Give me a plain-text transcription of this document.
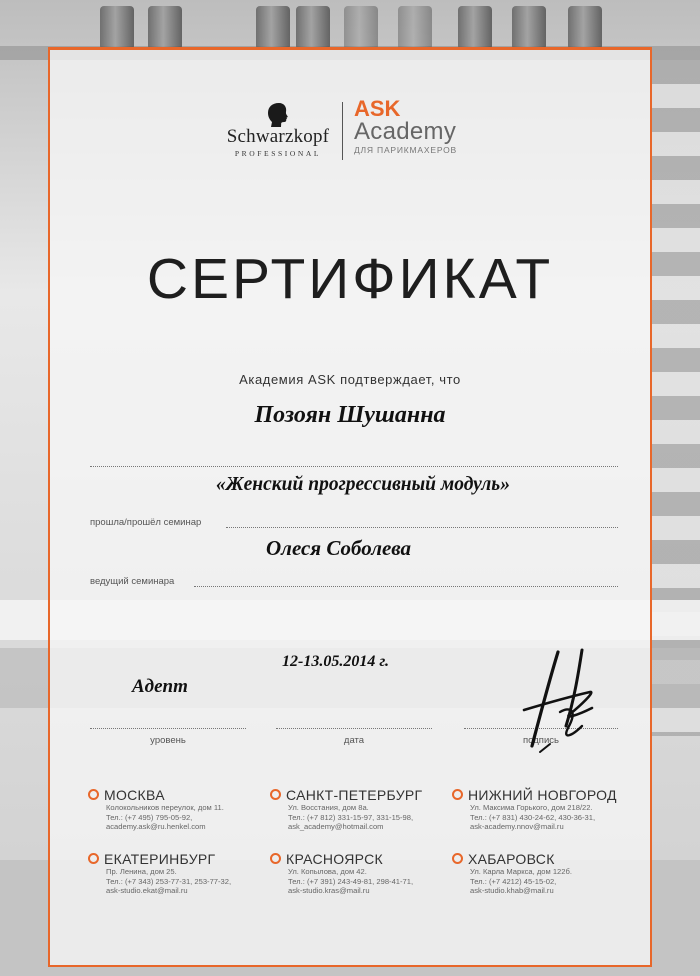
Schwarzkopf
PROFESSIONAL
ASK
Academy
ДЛЯ ПАРИКМАХЕРОВ
СЕРТИФИКАТ
Академия ASK подтверждает, что
Позоян Шушанна
«Женский прогрессивный модуль»
прошла/прошёл семинар
Олеся Соболева
ведущий семинара
Адепт
12-13.05.2014 г.
уровень	дата	подпись
МОСКВА
Колокольников переулок, дом 11.
Тел.: (+7 495) 795-05-92,
academy.ask@ru.henkel.com
САНКТ-ПЕТЕРБУРГ
Ул. Восстания, дом 8а.
Тел.: (+7 812) 331-15-97, 331-15-98,
ask_academy@hotmail.com
НИЖНИЙ НОВГОРОД
Ул. Максима Горького, дом 218/22.
Тел.: (+7 831) 430-24-62, 430-36-31,
ask-academy.nnov@mail.ru
ЕКАТЕРИНБУРГ
Пр. Ленина, дом 25.
Тел.: (+7 343) 253-77-31, 253-77-32,
ask-studio.ekat@mail.ru
КРАСНОЯРСК
Ул. Копылова, дом 42.
Тел.: (+7 391) 243-49-81, 298-41-71,
ask-studio.kras@mail.ru
ХАБАРОВСК
Ул. Карла Маркса, дом 122б.
Тел.: (+7 4212) 45-15-02,
ask-studio.khab@mail.ru
